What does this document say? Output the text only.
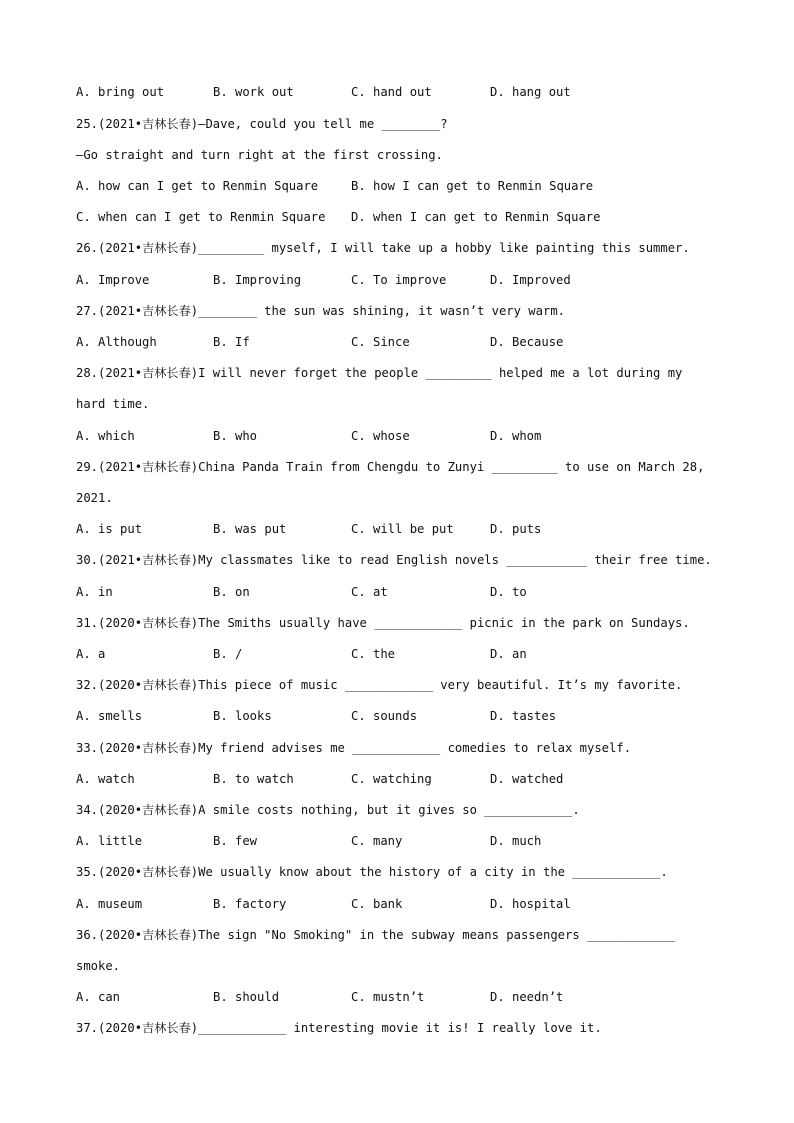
A. bring out

	B. work out

	C. hand out

	D. hang out

25.(2021•吉林长春)—Dave, could you tell me ________?
—Go straight and turn right at the first crossing.

A. how can I get to Renmin Square

	B. how I can get to Renmin Square

C. when can I get to Renmin Square

D. when I can get to Renmin Square

26.(2021•吉林长春)_________ myself, I will take up a hobby like painting this summer.

A. Improve

	B. Improving

	C. To improve

	D. Improved

27.(2021•吉林长春)________ the sun was shining, it wasn’t very warm.

A. Although

	B. If

	C. Since

	D. Because

28.(2021•吉林长春)I will never forget the people _________ helped me a lot during my
hard time.

A. which

	B. who

	C. whose

	D. whom

29.(2021•吉林长春)China Panda Train from Chengdu to Zunyi _________ to use on March 28,
2021.

A. is put

	B. was put

	C. will be put

	D. puts

30.(2021•吉林长春)My classmates like to read English novels ___________ their free time.

A. in

	B. on

	C. at

	D. to

31.(2020•吉林长春)The Smiths usually have ____________ picnic in the park on Sundays.

A. a

	B. /

	C. the

	D. an

32.(2020•吉林长春)This piece of music ____________ very beautiful. It’s my favorite.

A. smells

	B. looks

	C. sounds

	D. tastes

33.(2020•吉林长春)My friend advises me ____________ comedies to relax myself.

A. watch

	B. to watch

	C. watching

	D. watched

34.(2020•吉林长春)A smile costs nothing, but it gives so ____________.

A. little

	B. few

	C. many

	D. much

35.(2020•吉林长春)We usually know about the history of a city in the ____________.

A. museum

	B. factory

	C. bank

	D. hospital

36.(2020•吉林长春)The sign "No Smoking" in the subway means passengers ____________
smoke.

A. can

	B. should

	C. mustn’t

	D. needn’t

37.(2020•吉林长春)____________ interesting movie it is! I really love it.
